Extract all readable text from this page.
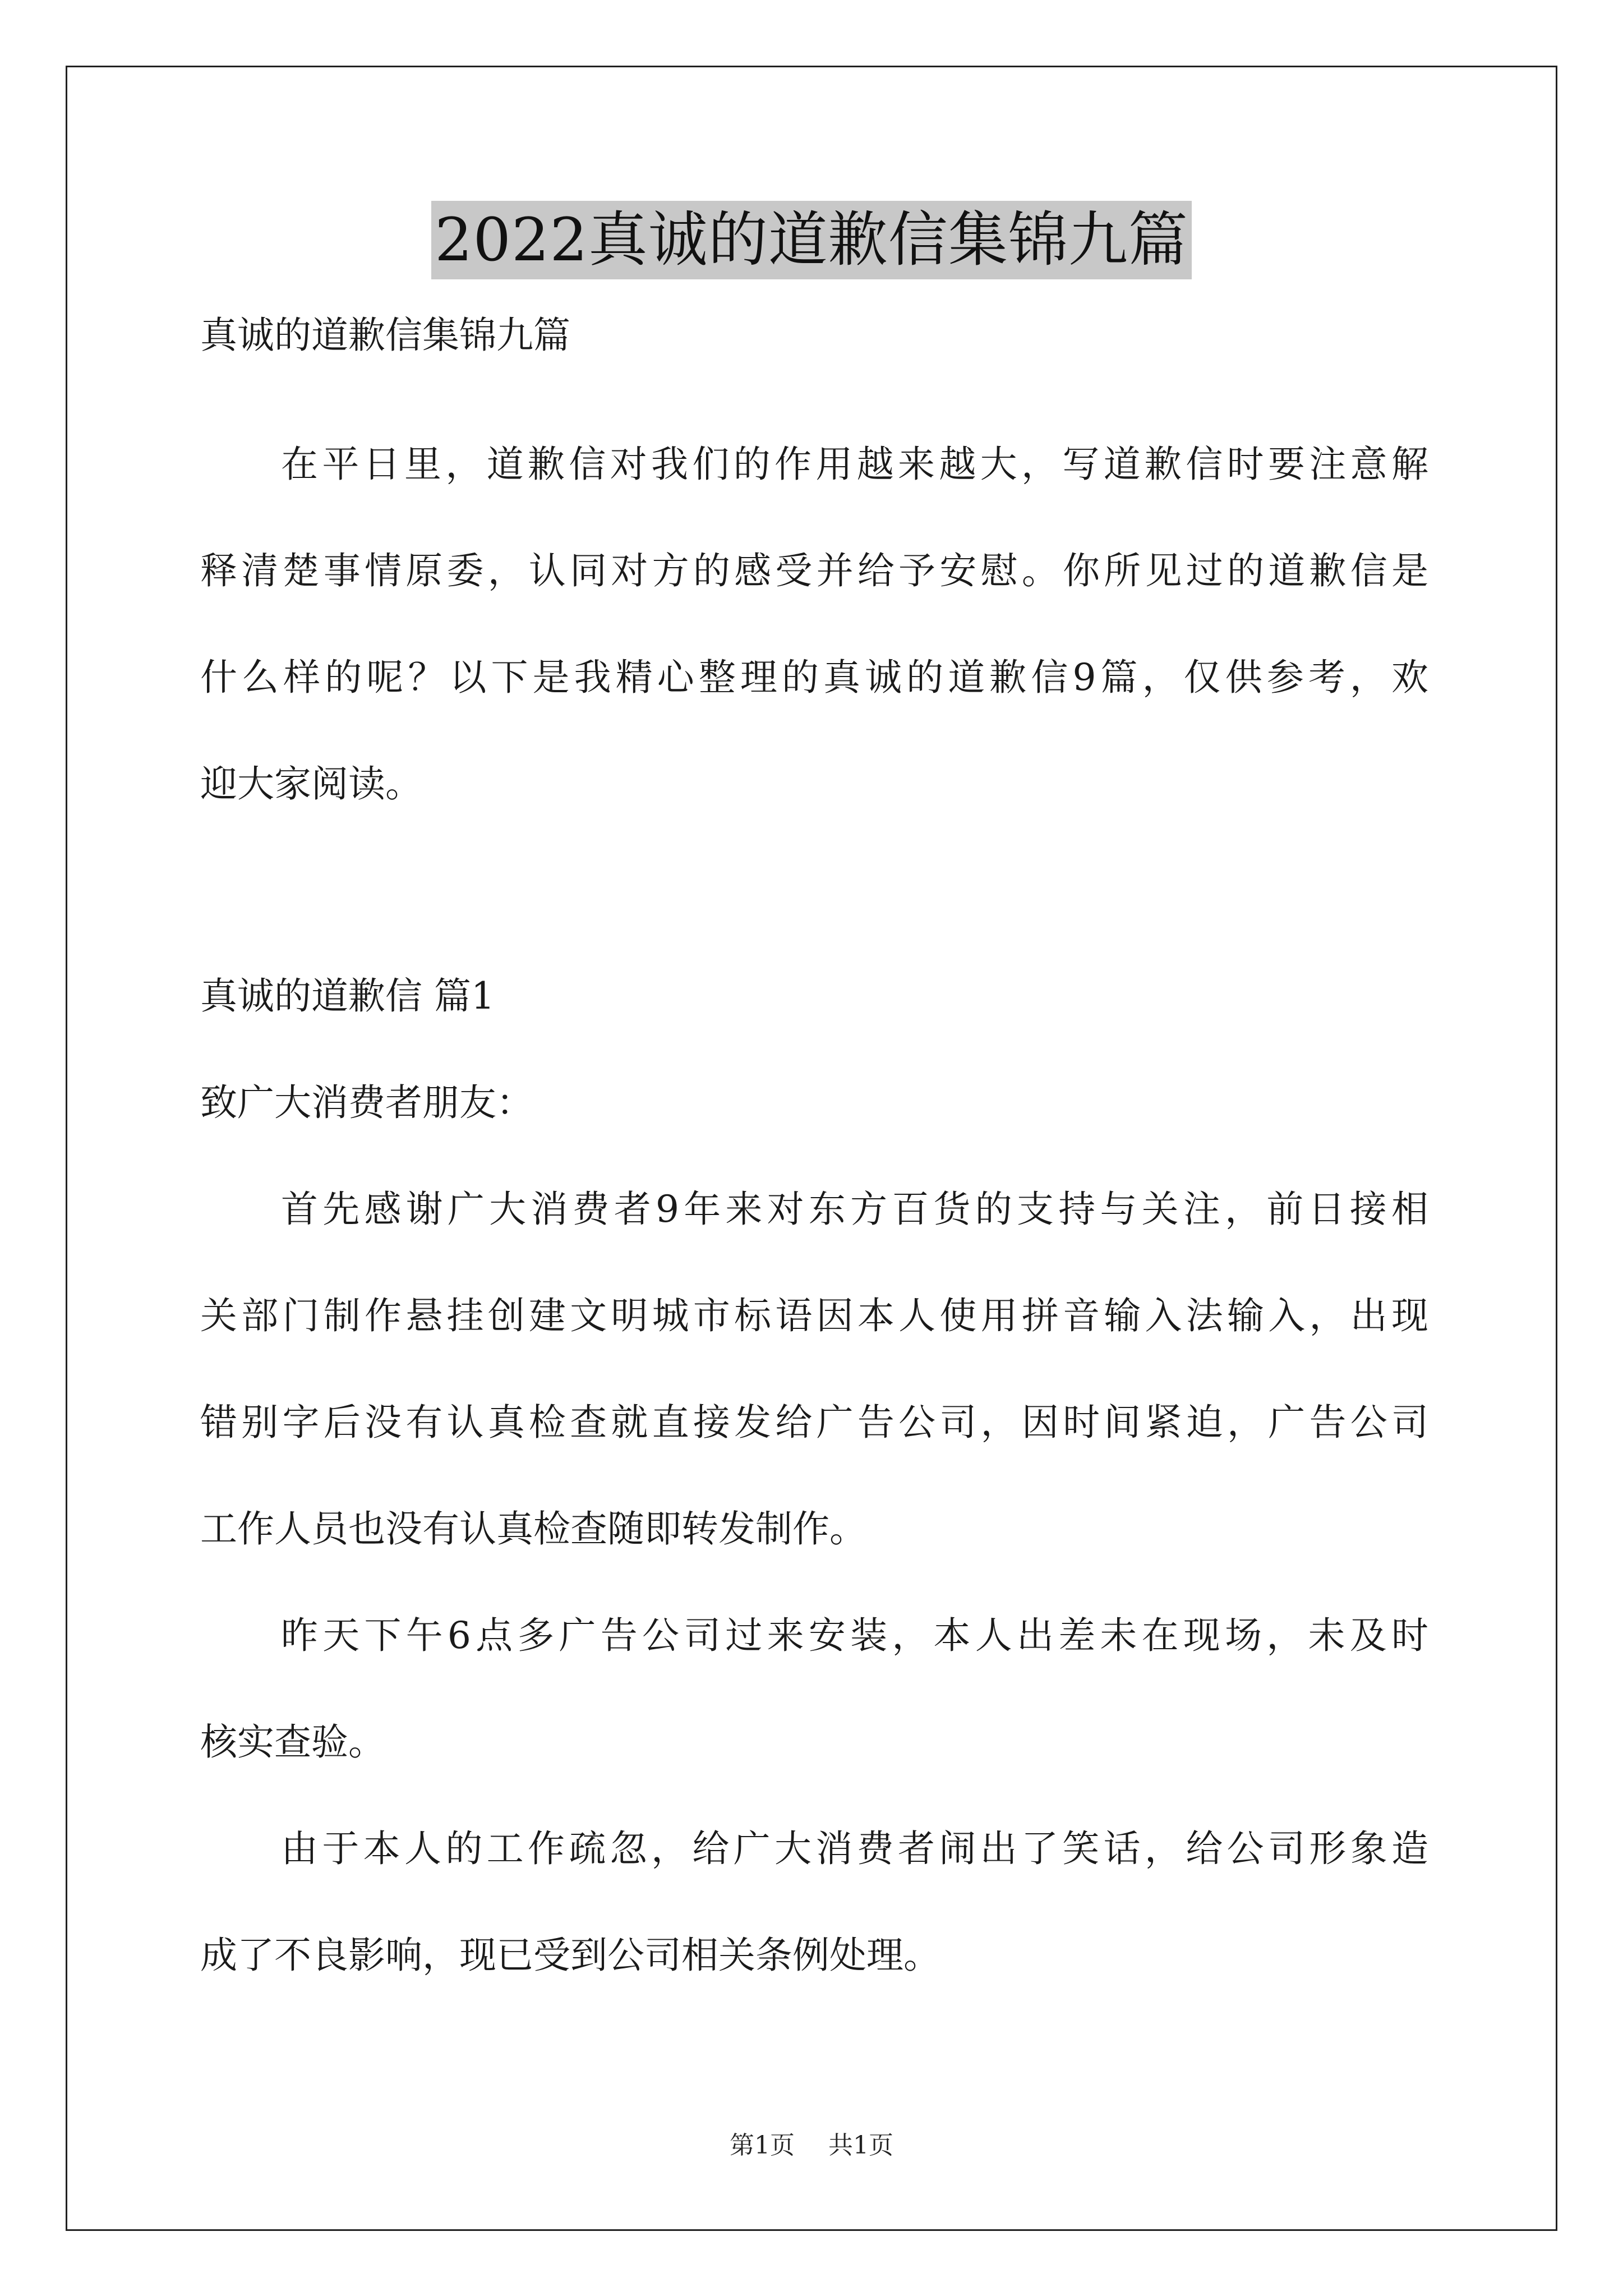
2022真诚的道歉信集锦九篇
真诚的道歉信集锦九篇
在平日里，道歉信对我们的作用越来越大，写道歉信时要注意解
释清楚事情原委，认同对方的感受并给予安慰。你所见过的道歉信是
什么样的呢？以下是我精心整理的真诚的道歉信9篇，仅供参考，欢
迎大家阅读。
真诚的道歉信 篇1
致广大消费者朋友：
首先感谢广大消费者9年来对东方百货的支持与关注，前日接相
关部门制作悬挂创建文明城市标语因本人使用拼音输入法输入，出现
错别字后没有认真检查就直接发给广告公司，因时间紧迫，广告公司
工作人员也没有认真检查随即转发制作。
昨天下午6点多广告公司过来安装，本人出差未在现场，未及时
核实查验。
由于本人的工作疏忽，给广大消费者闹出了笑话，给公司形象造
成了不良影响，现已受到公司相关条例处理。
第1页 共1页
